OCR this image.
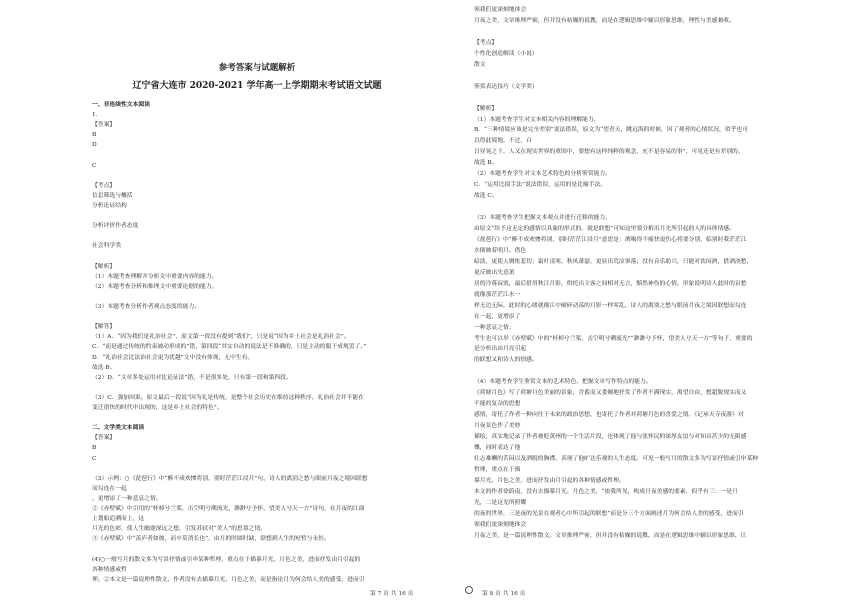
参考答案与试题解析
辽宁省大连市 2020-2021 学年高一上学期期末考试语文试题
一、非连续性文本阅读
1.
【答案】
B
D
C
【考点】
信息筛选与概括
分析论证结构
分析评价作者态度
社会科学类
【解析】
（1）本题考查理解并分析文中重要内容的能力。
（2）本题考查分析和推理文中重要论据的能力。
（3）本题考查分析作者观点态度的能力。
【解答】
（1）A．“因为我们是礼治社会”，原文第一段没有提到“我们”，只是说“因为乡土社会是礼治社会”。
C．“而是通过传统的约束被动形成的”错，第四段“其实自动的说法是不准确的，只是主动的服于成规罢了。”
D．“礼治社会比法治社会更为优越”文中没有体现，无中生有。
故选 B。
（2）D．“文章多处运用对比论证法”错，不是很多处，只有第一段和第四段。
（3）C．强加因果。原文最后一段说“因为礼是传统，是整个社会历史在维持这种秩序。礼治社会并不能在
变迁很快的时代中出现的，这是乡土社会的特色”。
二、文学类文本阅读
【答案】
B
C
（3）示例：○《琵琶行》中“醉不成欢惨将别，别时茫茫江浸月”句，诗人的离别之愁与眼前月夜之境因联想
而勾连在一起
，更增添了一种悲哀之情。
②《赤壁赋》中引用的“桂棹兮兰桨，击空明兮溯流光，渺渺兮予怀，望美人兮天一方”诗句，在月夜的江面
上划船追溯而上，这
月光的色彩，使人生幽邃深远之想，引发苏轼对“美人”的思慕之情。
③《赤壁赋》中“羡庐者如彼，而卒莫消长也”，由月的时圆时缺，联想到人生的短暂与永恒。
(4)○一般写月的散文多为写景抒情或引申某种哲理，重点在于描摹月光、月色之美，进而抒发由月引起的
各种情感或哲
理。②本文是一篇说理性散文，作者没有去描摹月光、月色之美，而是指论月为何会给人美的感受，进而引
领我们更深刻地体会
月夜之美，文章推理严密，但并没有枯燥的说教，而是在逻辑思维中辅以形象思维，理性与美感兼收。
【考点】
个性化创造解读（小说）
散文
鉴赏表达技巧（文学类）
【解析】
（1）本题考查学生对文本相关内容的理解能力。
B．“三种情境应该是完全差别”说法错误，原文为“望青天，眺远海的时候，因了观者的心情状况，似乎也可
以得此境地，不过，白
日昼晃之下，人又在现实世界的重围中，要想有这样纯粹的观念，充不是容易的事”，可见还是有差别的。
故选 B。
（2）本题考查学生对文本艺术特色的分析鉴赏能力。
C．“运用比拟手法”说法错误，运用的是比喻手法。
故选 C。
（3）本题考查学生把握文本观点并进行迁移的能力。
由原文“给予这无定的感情以具象的形式的，就是联想”可知这里要分析出月光所引起的人的具体情感。
《琵琶行》中“醉不成欢惨将别，别时茫茫江浸月”意思是：酒喝得不痛快更伤心将要分别，临别时我茫茫江
水倒映着明月。借色
暗淡，更使人惆怅悲切；霜叶凌寒，秋风萧瑟，更显出荒凉寥落；没有音乐助兴，只能对饮闷酒，借酒浇愁，
更反映出失意萧
居的冷落寂寞，最后借用秋江月影，烘托出主客之间相对无言，黯然神伤的心情，形象说明诗人此时的哀愁
就像那茫茫江水一
样无边无际，此时的心绪就像江中破碎动荡的月影一样零乱，诗人的离别之愁与眼前月夜之境因联想而勾连
在一起，更增添了
一种悲哀之情；
考生也可以举《赤壁赋》中的“桂棹兮兰桨，击空明兮溯流光”“渺渺兮予怀，望美人兮天一方”等句子，重要的
是分析出由月亮引起
的联想又和诗人的情感。
（4）本题考查学生鉴赏文本的艺术特色、把握文章写作特点的能力。
《荷塘月色》写了荷塘月色美丽的景象，含蓄而又委婉地抒发了作者不满现实，渴望自由，想超脱现实而又
不能的复杂的思想
感情，寄托了作者一种向往于未来的政治思想，也寄托了作者对荷塘月色的喜爱之情。《记承天寺夜游》对
月夜景色作了美妙
描绘，真实地记录了作者被贬黄州的一个生活片段，也体现了他与张怀民的深厚友谊与对知音甚少的无限感
慨，同时表达了他
壮志难酬的苦闷以及洒脱的胸襟，表现了他旷达乐观的人生态度。可见一般写月的散文多为写景抒情或引申某种
哲理，重点在于描
摹月光、月色之美，进而抒发由月引起的各种情感或哲理。
本文的作者徐蔚南，没有去描摹月光、月色之美，“依我所见，构成月夜美感的要素，似乎有三：一是月
光，二是这光所照耀
的夜的世界，三是夜的光景在观者心中所引起的联想”而是分三个方面阐述月为何会给人美的感受，进而引
领我们更深刻地体会
月夜之美，是一篇说理性散文。文章推理严密，但并没有枯燥的说教，而是在逻辑思维中辅以形象思维，让
第 7 页 共 16 页	第 8 页 共 16 页
